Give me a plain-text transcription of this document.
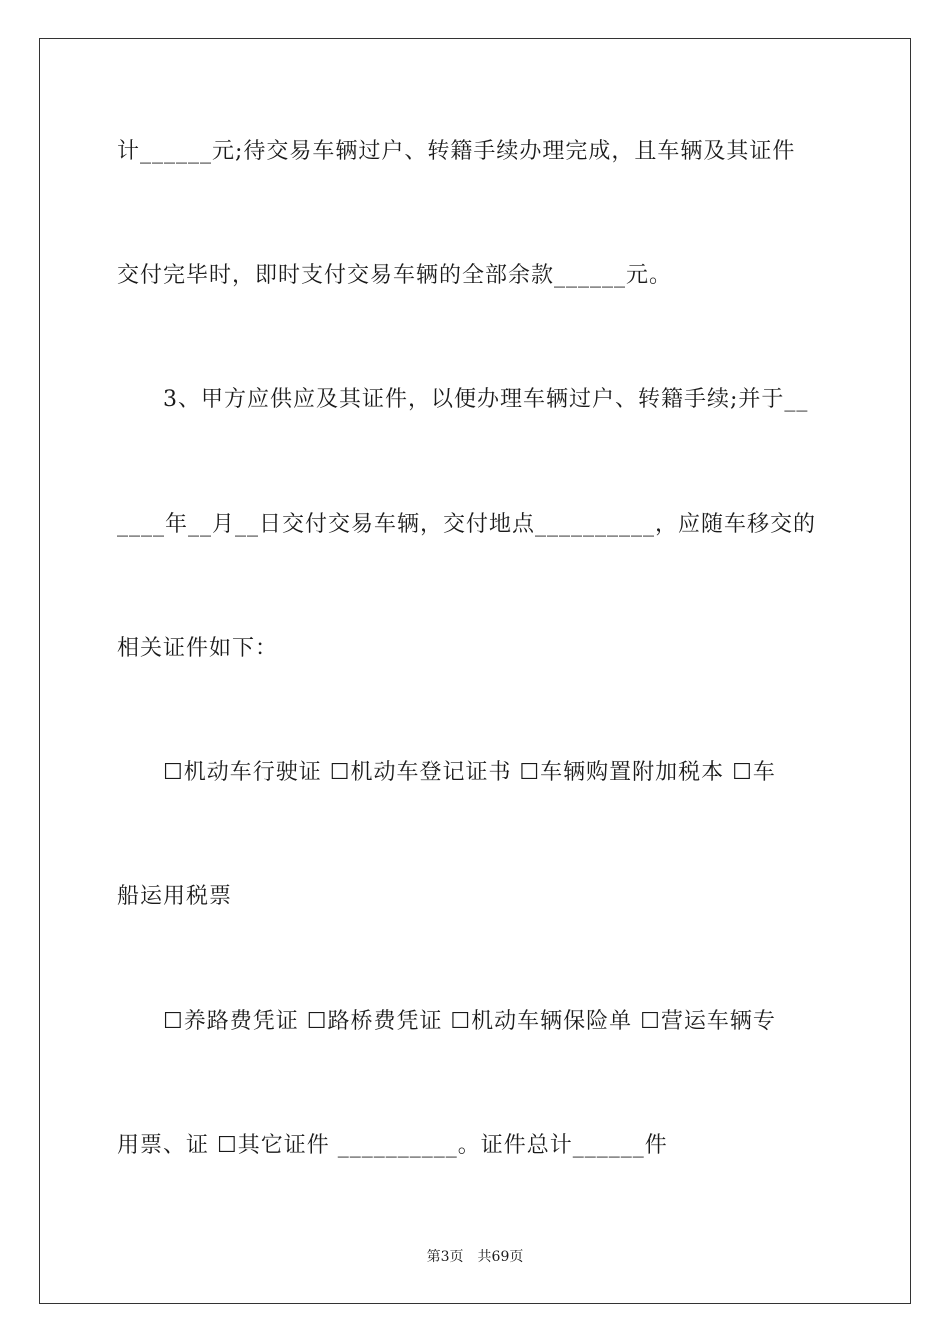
计______元;待交易车辆过户、转籍手续办理完成，且车辆及其证件
交付完毕时，即时支付交易车辆的全部余款______元。
3、甲方应供应及其证件，以便办理车辆过户、转籍手续;并于__
____年__月__日交付交易车辆，交付地点__________，应随车移交的
相关证件如下：
☐机动车行驶证 ☐机动车登记证书 ☐车辆购置附加税本 ☐车
船运用税票
☐养路费凭证 ☐路桥费凭证 ☐机动车辆保险单 ☐营运车辆专
用票、证 ☐其它证件 __________。证件总计______件
第3页 共69页
